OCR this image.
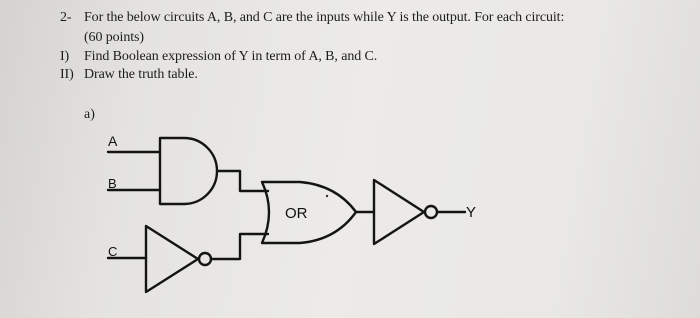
2- For the below circuits A, B, and C are the inputs while Y is the output. For each circuit:
(60 points)
I) Find Boolean expression of Y in term of A, B, and C.
II) Draw the truth table.
a)
A
B
C
OR	Y
